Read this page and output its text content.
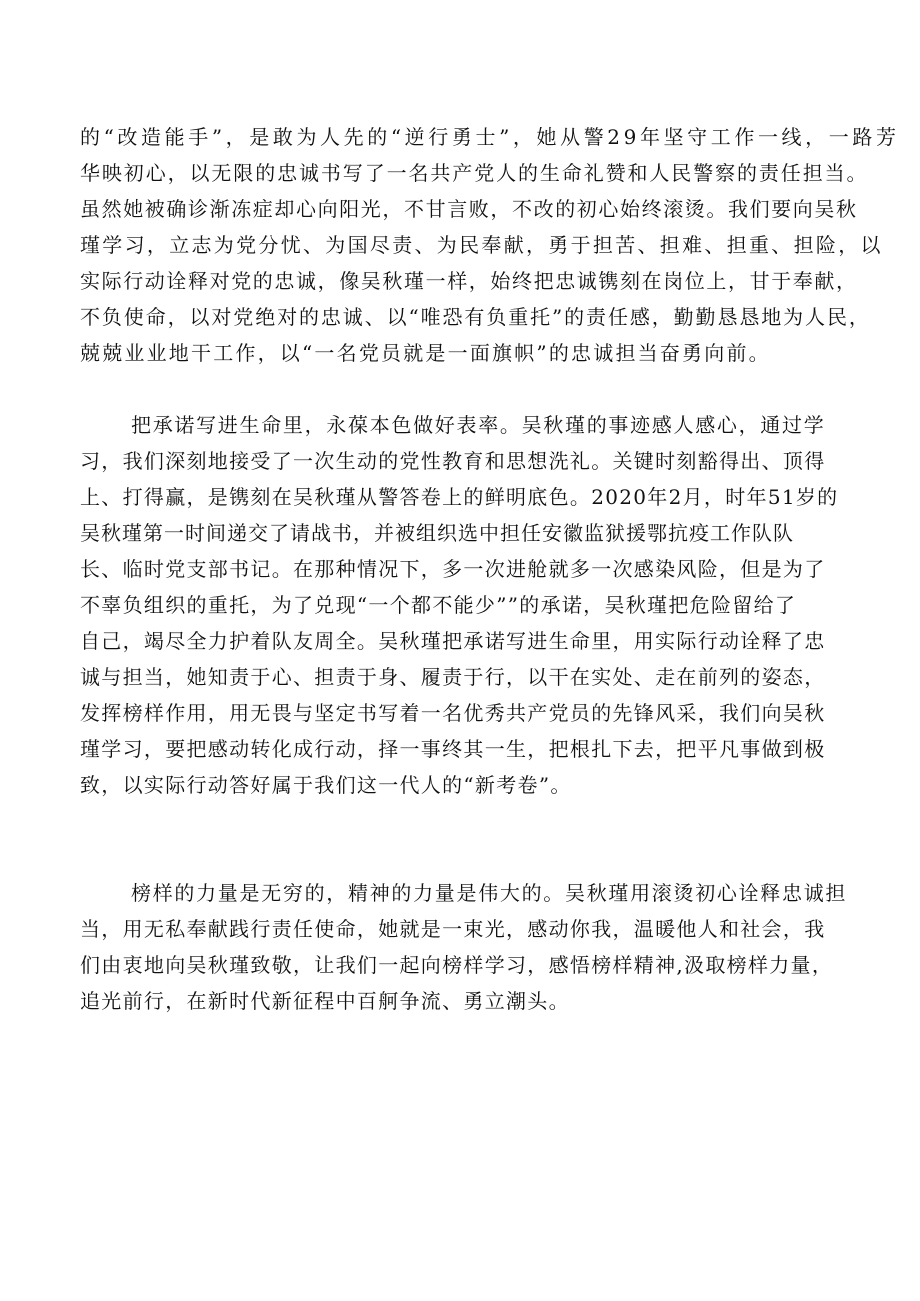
的“改造能手”，是敢为人先的“逆行勇士”，她从警29年坚守工作一线，一路芳
华映初心，以无限的忠诚书写了一名共产党人的生命礼赞和人民警察的责任担当。
虽然她被确诊渐冻症却心向阳光，不甘言败，不改的初心始终滚烫。我们要向吴秋
瑾学习，立志为党分忧、为国尽责、为民奉献，勇于担苦、担难、担重、担险，以
实际行动诠释对党的忠诚，像吴秋瑾一样，始终把忠诚镌刻在岗位上，甘于奉献，
不负使命，以对党绝对的忠诚、以“唯恐有负重托”的责任感，勤勤恳恳地为人民，
兢兢业业地干工作，以“一名党员就是一面旗帜”的忠诚担当奋勇向前。
把承诺写进生命里，永葆本色做好表率。吴秋瑾的事迹感人感心，通过学
习，我们深刻地接受了一次生动的党性教育和思想洗礼。关键时刻豁得出、顶得
上、打得赢，是镌刻在吴秋瑾从警答卷上的鲜明底色。2020年2月，时年51岁的
吴秋瑾第一时间递交了请战书，并被组织选中担任安徽监狱援鄂抗疫工作队队
长、临时党支部书记。在那种情况下，多一次进舱就多一次感染风险，但是为了
不辜负组织的重托，为了兑现“一个都不能少””的承诺，吴秋瑾把危险留给了
自己，竭尽全力护着队友周全。吴秋瑾把承诺写进生命里，用实际行动诠释了忠
诚与担当，她知责于心、担责于身、履责于行，以干在实处、走在前列的姿态，
发挥榜样作用，用无畏与坚定书写着一名优秀共产党员的先锋风采，我们向吴秋
瑾学习，要把感动转化成行动，择一事终其一生，把根扎下去，把平凡事做到极
致，以实际行动答好属于我们这一代人的“新考卷”。
榜样的力量是无穷的，精神的力量是伟大的。吴秋瑾用滚烫初心诠释忠诚担
当，用无私奉献践行责任使命，她就是一束光，感动你我，温暖他人和社会，我
们由衷地向吴秋瑾致敬，让我们一起向榜样学习，感悟榜样精神,汲取榜样力量，
追光前行，在新时代新征程中百舸争流、勇立潮头。
